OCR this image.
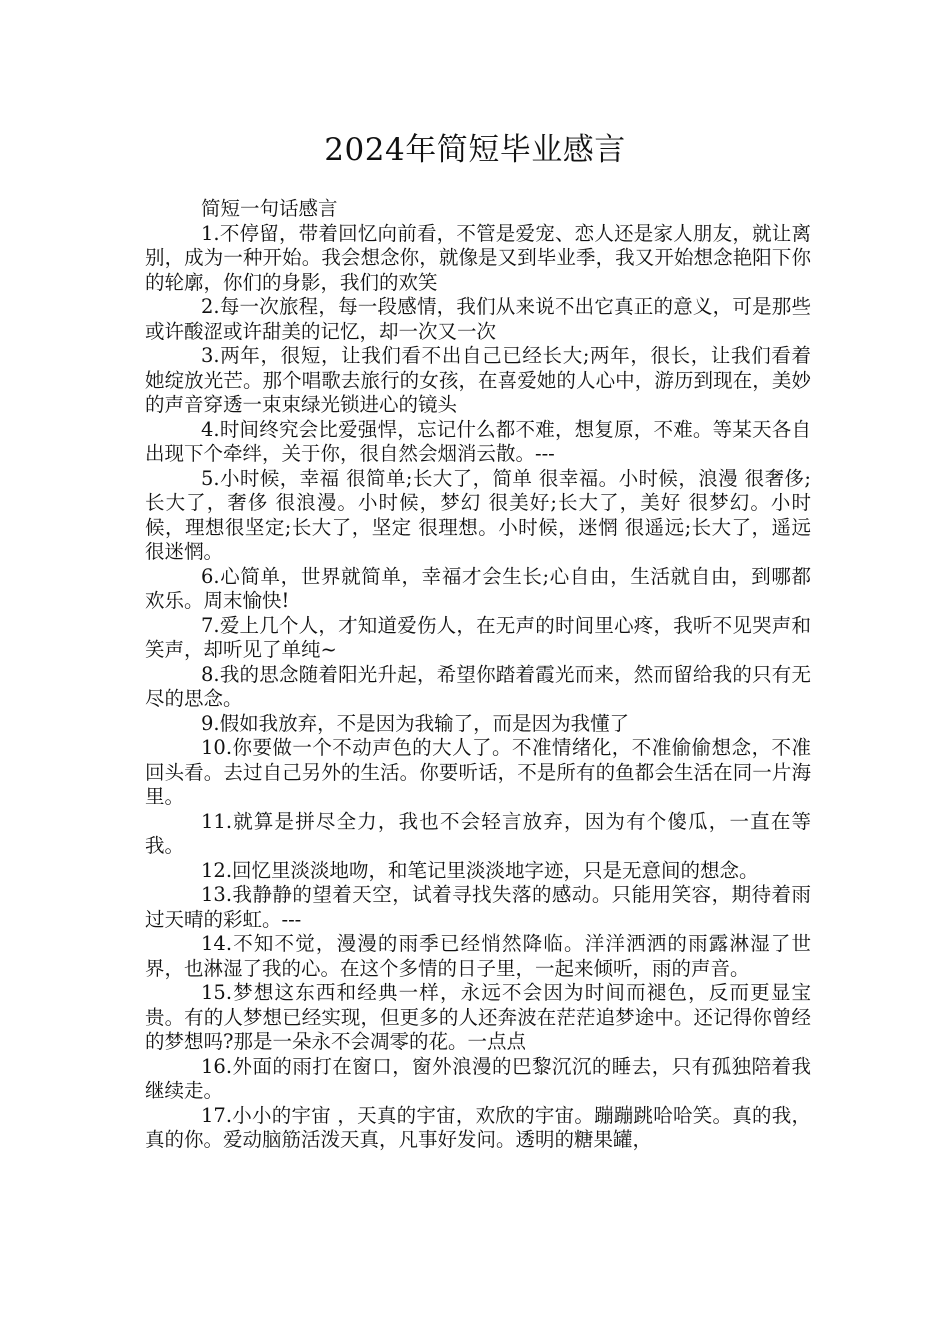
2024年简短毕业感言

简短一句话感言

1.不停留，带着回忆向前看，不管是爱宠、恋人还是家人朋友，就让离别，成为一种开始。我会想念你，就像是又到毕业季，我又开始想念艳阳下你的轮廓，你们的身影，我们的欢笑

2.每一次旅程，每一段感情，我们从来说不出它真正的意义，可是那些或许酸涩或许甜美的记忆，却一次又一次

3.两年，很短，让我们看不出自己已经长大;两年，很长，让我们看着她绽放光芒。那个唱歌去旅行的女孩，在喜爱她的人心中，游历到现在，美妙的声音穿透一束束绿光锁进心的镜头

4.时间终究会比爱强悍，忘记什么都不难，想复原，不难。等某天各自出现下个牵绊，关于你，很自然会烟消云散。---

5.小时候，幸福 很简单;长大了，简单 很幸福。小时候，浪漫 很奢侈;长大了，奢侈 很浪漫。小时候，梦幻 很美好;长大了，美好 很梦幻。小时候，理想很坚定;长大了，坚定 很理想。小时候，迷惘 很遥远;长大了，遥远 很迷惘。

6.心简单，世界就简单，幸福才会生长;心自由，生活就自由，到哪都欢乐。周末愉快!

7.爱上几个人，才知道爱伤人，在无声的时间里心疼，我听不见哭声和笑声，却听见了单纯~

8.我的思念随着阳光升起，希望你踏着霞光而来，然而留给我的只有无尽的思念。

9.假如我放弃，不是因为我输了，而是因为我懂了

10.你要做一个不动声色的大人了。不准情绪化，不准偷偷想念，不准回头看。去过自己另外的生活。你要听话，不是所有的鱼都会生活在同一片海里。

11.就算是拼尽全力，我也不会轻言放弃，因为有个傻瓜，一直在等我。

12.回忆里淡淡地吻，和笔记里淡淡地字迹，只是无意间的想念。

13.我静静的望着天空，试着寻找失落的感动。只能用笑容，期待着雨过天晴的彩虹。---

14.不知不觉，漫漫的雨季已经悄然降临。洋洋洒洒的雨露淋湿了世界，也淋湿了我的心。在这个多情的日子里，一起来倾听，雨的声音。

15.梦想这东西和经典一样，永远不会因为时间而褪色，反而更显宝贵。有的人梦想已经实现，但更多的人还奔波在茫茫追梦途中。还记得你曾经的梦想吗?那是一朵永不会凋零的花。一点点

16.外面的雨打在窗口，窗外浪漫的巴黎沉沉的睡去，只有孤独陪着我继续走。

17.小小的宇宙 ，天真的宇宙，欢欣的宇宙。蹦蹦跳哈哈笑。真的我，真的你。爱动脑筋活泼天真，凡事好发问。透明的糖果罐，
